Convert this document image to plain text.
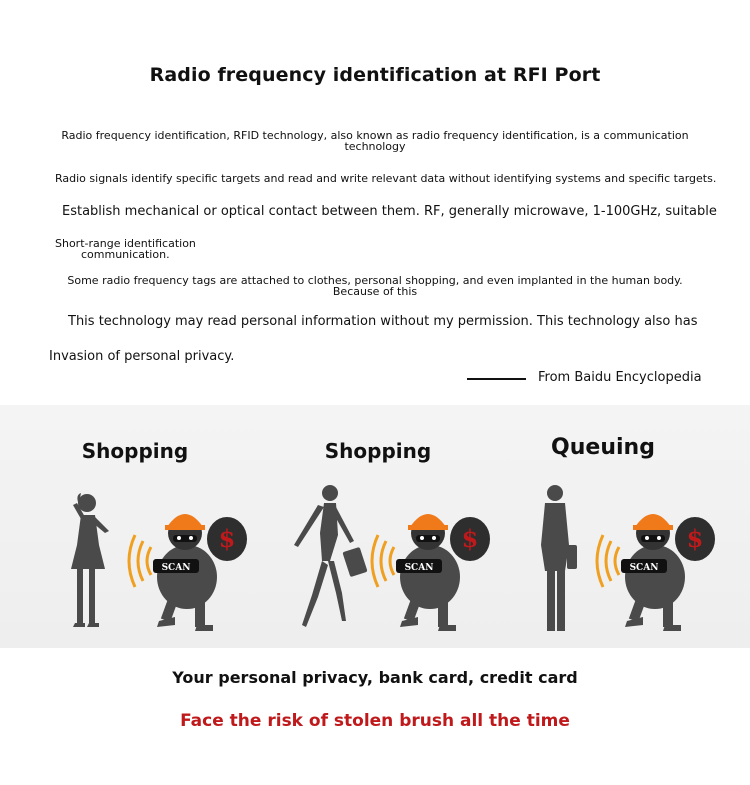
Radio frequency identification at RFI Port
Radio frequency identification, RFID technology, also known as radio frequency identification, is a communication technology
Radio signals identify specific targets and read and write relevant data without identifying systems and specific targets.
Establish mechanical or optical contact between them. RF, generally microwave, 1-100GHz, suitable
Short-range identification
communication.
Some radio frequency tags are attached to clothes, personal shopping, and even implanted in the human body. Because of this
This technology may read personal information without my permission. This technology also has
Invasion of personal privacy.
From Baidu Encyclopedia
Shopping
$
SCAN
Shopping
$
SCAN
Queuing
$
SCAN
Your personal privacy, bank card, credit card
Face the risk of stolen brush all the time
